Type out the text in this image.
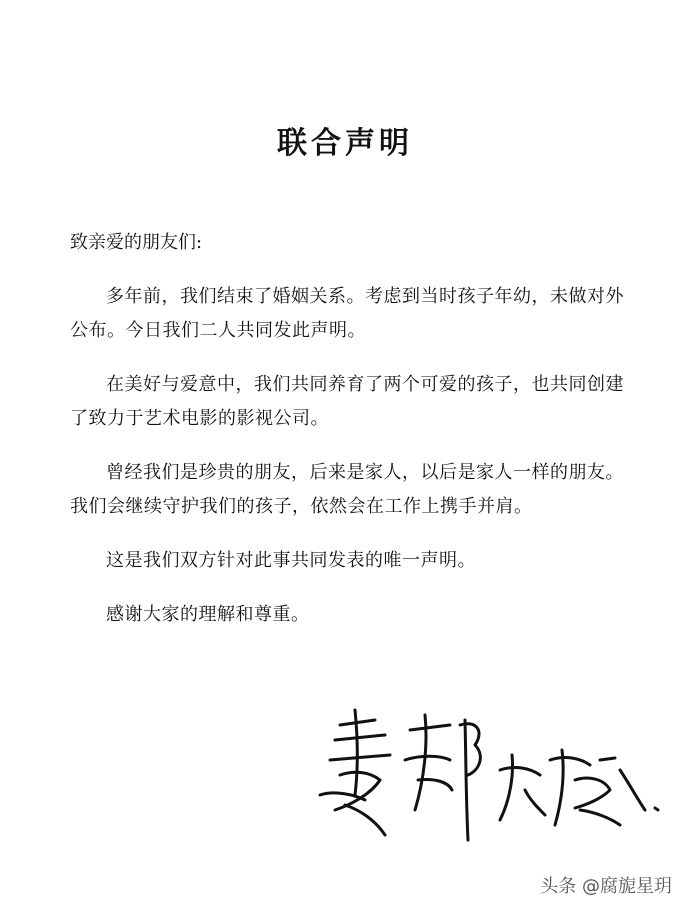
联合声明

致亲爱的朋友们:

多年前，我们结束了婚姻关系。考虑到当时孩子年幼，未做对外公布。今日我们二人共同发此声明。

在美好与爱意中，我们共同养育了两个可爱的孩子，也共同创建了致力于艺术电影的影视公司。

曾经我们是珍贵的朋友，后来是家人，以后是家人一样的朋友。我们会继续守护我们的孩子，依然会在工作上携手并肩。

这是我们双方针对此事共同发表的唯一声明。

感谢大家的理解和尊重。

头条 @腐旎星玥
